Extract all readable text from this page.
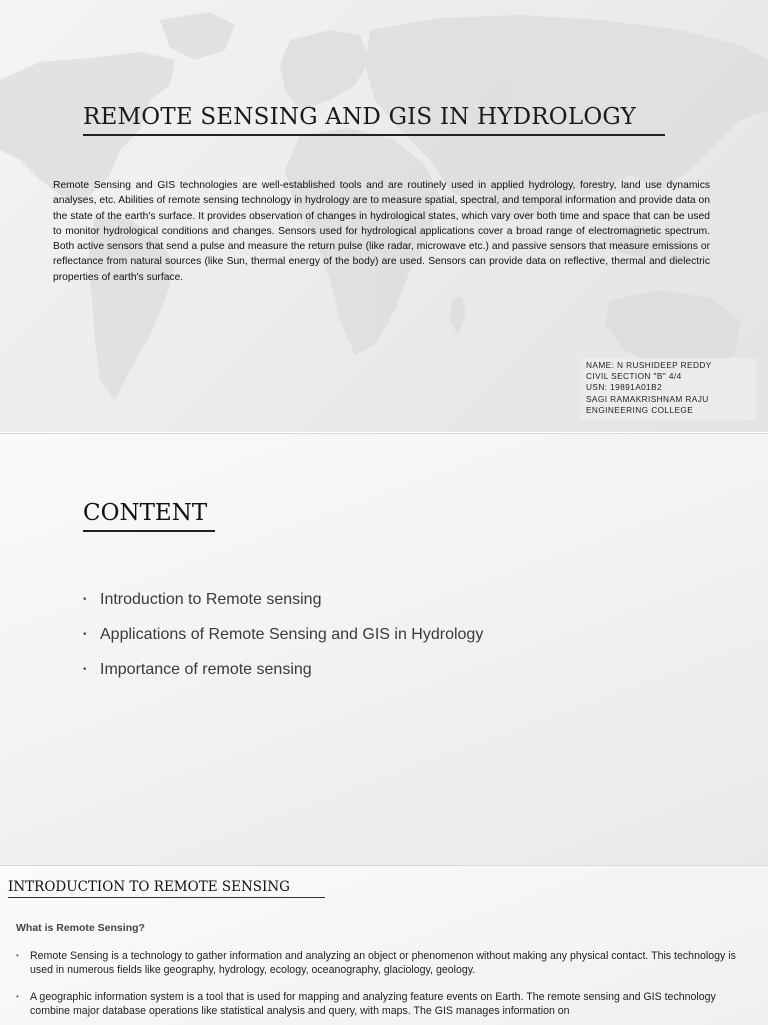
REMOTE SENSING AND GIS IN HYDROLOGY

Remote Sensing and GIS technologies are well-established tools and are routinely used in applied hydrology, forestry, land use dynamics analyses, etc. Abilities of remote sensing technology in hydrology are to measure spatial, spectral, and temporal information and provide data on the state of the earth's surface. It provides observation of changes in hydrological states, which vary over both time and space that can be used to monitor hydrological conditions and changes. Sensors used for hydrological applications cover a broad range of electromagnetic spectrum. Both active sensors that send a pulse and measure the return pulse (like radar, microwave etc.) and passive sensors that measure emissions or reflectance from natural sources (like Sun, thermal energy of the body) are used. Sensors can provide data on reflective, thermal and dielectric properties of earth's surface.

NAME: N RUSHIDEEP REDDY
CIVIL SECTION "B" 4/4
USN: 19891A01B2
SAGI RAMAKRISHNAM RAJU
ENGINEERING COLLEGE
CONTENT
• Introduction to Remote sensing
• Applications of Remote Sensing and GIS in Hydrology
• Importance of remote sensing
INTRODUCTION TO REMOTE SENSING

What is Remote Sensing?

• Remote Sensing is a technology to gather information and analyzing an object or phenomenon without making any physical contact. This technology is used in numerous fields like geography, hydrology, ecology, oceanography, glaciology, geology.
• A geographic information system is a tool that is used for mapping and analyzing feature events on Earth. The remote sensing and GIS technology combine major database operations like statistical analysis and query, with maps. The GIS manages information on
